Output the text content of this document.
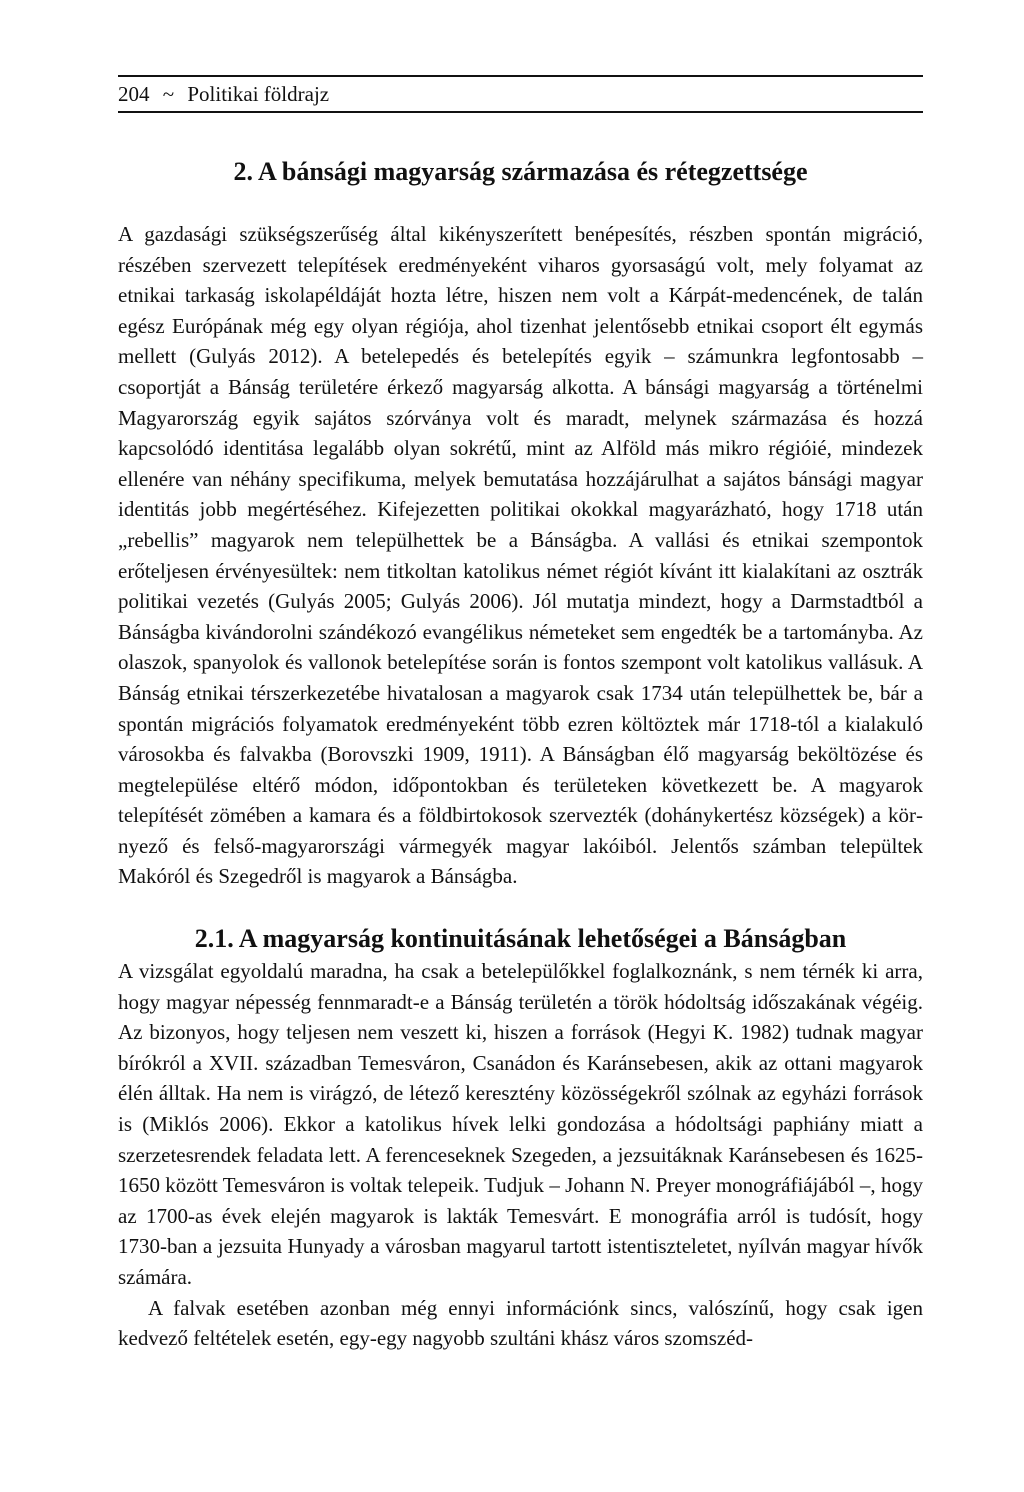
204 ~ Politikai földrajz
2. A bánsági magyarság származása és rétegzettsége

A gazdasági szükségszerűség által kikényszerített benépesítés, részben spontán migráció, részében szervezett telepítések eredményeként viharos gyorsaságú volt, mely folyamat az etnikai tarkaság iskolapéldáját hozta létre, hiszen nem volt a Kárpát-medencének, de talán egész Európának még egy olyan régiója, ahol tizenhat jelentősebb etnikai csoport élt egymás mellett (Gulyás 2012). A betelepedés és betelepítés egyik – számunkra legfontosabb – csoportját a Bánság területére érkező magyarság alkotta. A bánsági magyarság a történelmi Magyarország egyik sajátos szórványa volt és maradt, melynek származása és hozzá kapcsolódó identitása legalább olyan sokrétű, mint az Alföld más mikro régióié, mindezek ellenére van néhány specifikuma, melyek bemutatása hozzájárulhat a sajátos bánsági magyar identitás jobb megértéséhez. Kifejezetten politikai okokkal magyarázható, hogy 1718 után „rebellis” magyarok nem települhettek be a Bánságba. A vallási és etnikai szempontok erőteljesen érvényesültek: nem titkoltan katolikus német régiót kívánt itt kialakítani az osztrák politikai vezetés (Gulyás 2005; Gulyás 2006). Jól mutatja mindezt, hogy a Darmstadtból a Bánságba kivándorolni szándékozó evangélikus németeket sem engedték be a tartományba. Az olaszok, spanyolok és vallonok betelepítése során is fontos szempont volt katolikus vallásuk. A Bánság etnikai térszerkezetébe hivatalosan a magyarok csak 1734 után települhettek be, bár a spontán migrációs folyamatok eredményeként több ezren költöztek már 1718-tól a kialakuló városokba és falvakba (Borovszki 1909, 1911). A Bánságban élő magyarság beköltözése és megtelepülése eltérő módon, időpontokban és területeken következett be. A magyarok telepítését zömében a kamara és a földbirtokosok szervezték (dohánykertész községek) a környező és felső-magyarországi vármegyék magyar lakóiból. Jelentős számban települtek Makóról és Szegedről is magyarok a Bánságba.

2.1. A magyarság kontinuitásának lehetőségei a Bánságban

A vizsgálat egyoldalú maradna, ha csak a betelepülőkkel foglalkoznánk, s nem térnék ki arra, hogy magyar népesség fennmaradt-e a Bánság területén a török hódoltság időszakának végéig. Az bizonyos, hogy teljesen nem veszett ki, hiszen a források (Hegyi K. 1982) tudnak magyar bírókról a XVII. században Temesváron, Csanádon és Karánsebesen, akik az ottani magyarok élén álltak. Ha nem is virágzó, de létező keresztény közösségekről szólnak az egyházi források is (Miklós 2006). Ekkor a katolikus hívek lelki gondozása a hódoltsági paphiány miatt a szerzetesrendek feladata lett. A ferenceseknek Szegeden, a jezsuitáknak Karánsebesen és 1625-1650 között Temesváron is voltak telepeik. Tudjuk – Johann N. Preyer monográfiájából –, hogy az 1700-as évek elején magyarok is lakták Temesvárt. E monográfia arról is tudósít, hogy 1730-ban a jezsuita Hunyady a városban magyarul tartott istentiszteletet, nyílván magyar hívők számára.

A falvak esetében azonban még ennyi információnk sincs, valószínű, hogy csak igen kedvező feltételek esetén, egy-egy nagyobb szultáni khász város szomszéd-
